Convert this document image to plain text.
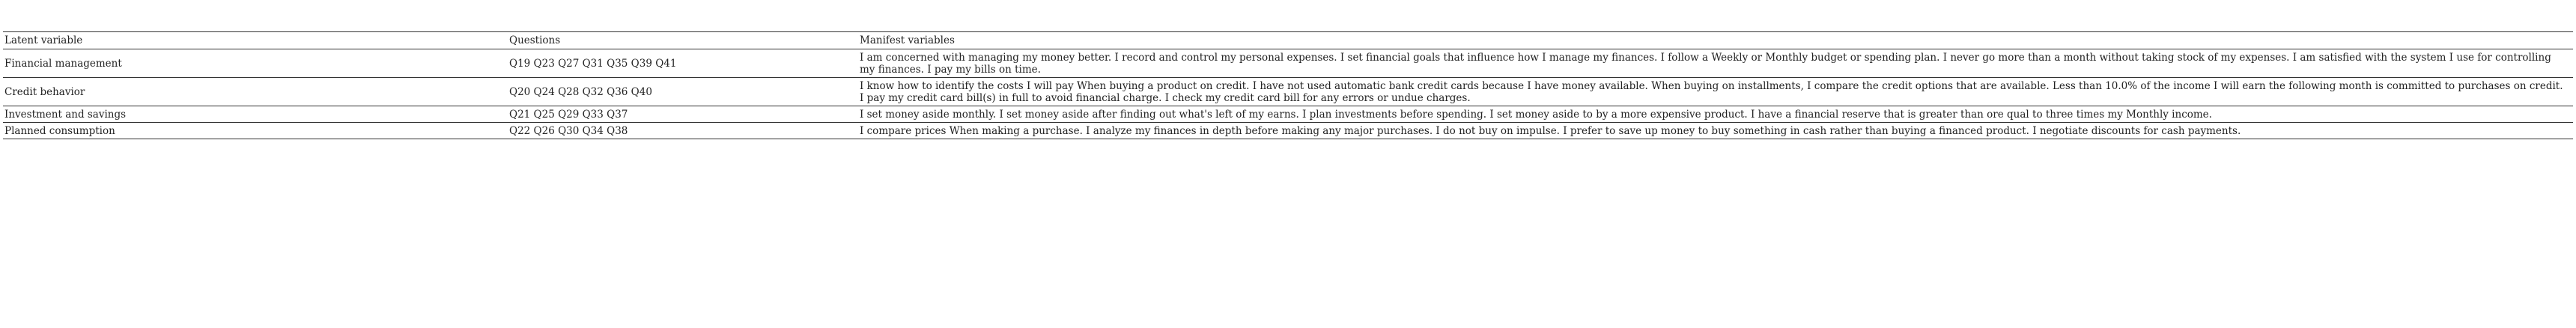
Latent variable	Questions	Manifest variables
Financial management	Q19 Q23 Q27 Q31 Q35 Q39 Q41	I am concerned with managing my money better. I record and control my personal expenses. I set financial goals that influence how I manage my finances. I follow a Weekly or Monthly budget or spending plan. I never go more than a month without taking stock of my expenses. I am satisfied with the system I use for controlling my finances. I pay my bills on time.
Credit behavior	Q20 Q24 Q28 Q32 Q36 Q40	I know how to identify the costs I will pay When buying a product on credit. I have not used automatic bank credit cards because I have money available. When buying on installments, I compare the credit options that are available. Less than 10.0% of the income I will earn the following month is committed to purchases on credit. I pay my credit card bill(s) in full to avoid financial charge. I check my credit card bill for any errors or undue charges.
Investment and savings	Q21 Q25 Q29 Q33 Q37	I set money aside monthly. I set money aside after finding out what's left of my earns. I plan investments before spending. I set money aside to by a more expensive product. I have a financial reserve that is greater than ore qual to three times my Monthly income.
Planned consumption	Q22 Q26 Q30 Q34 Q38	I compare prices When making a purchase. I analyze my finances in depth before making any major purchases. I do not buy on impulse. I prefer to save up money to buy something in cash rather than buying a financed product. I negotiate discounts for cash payments.
